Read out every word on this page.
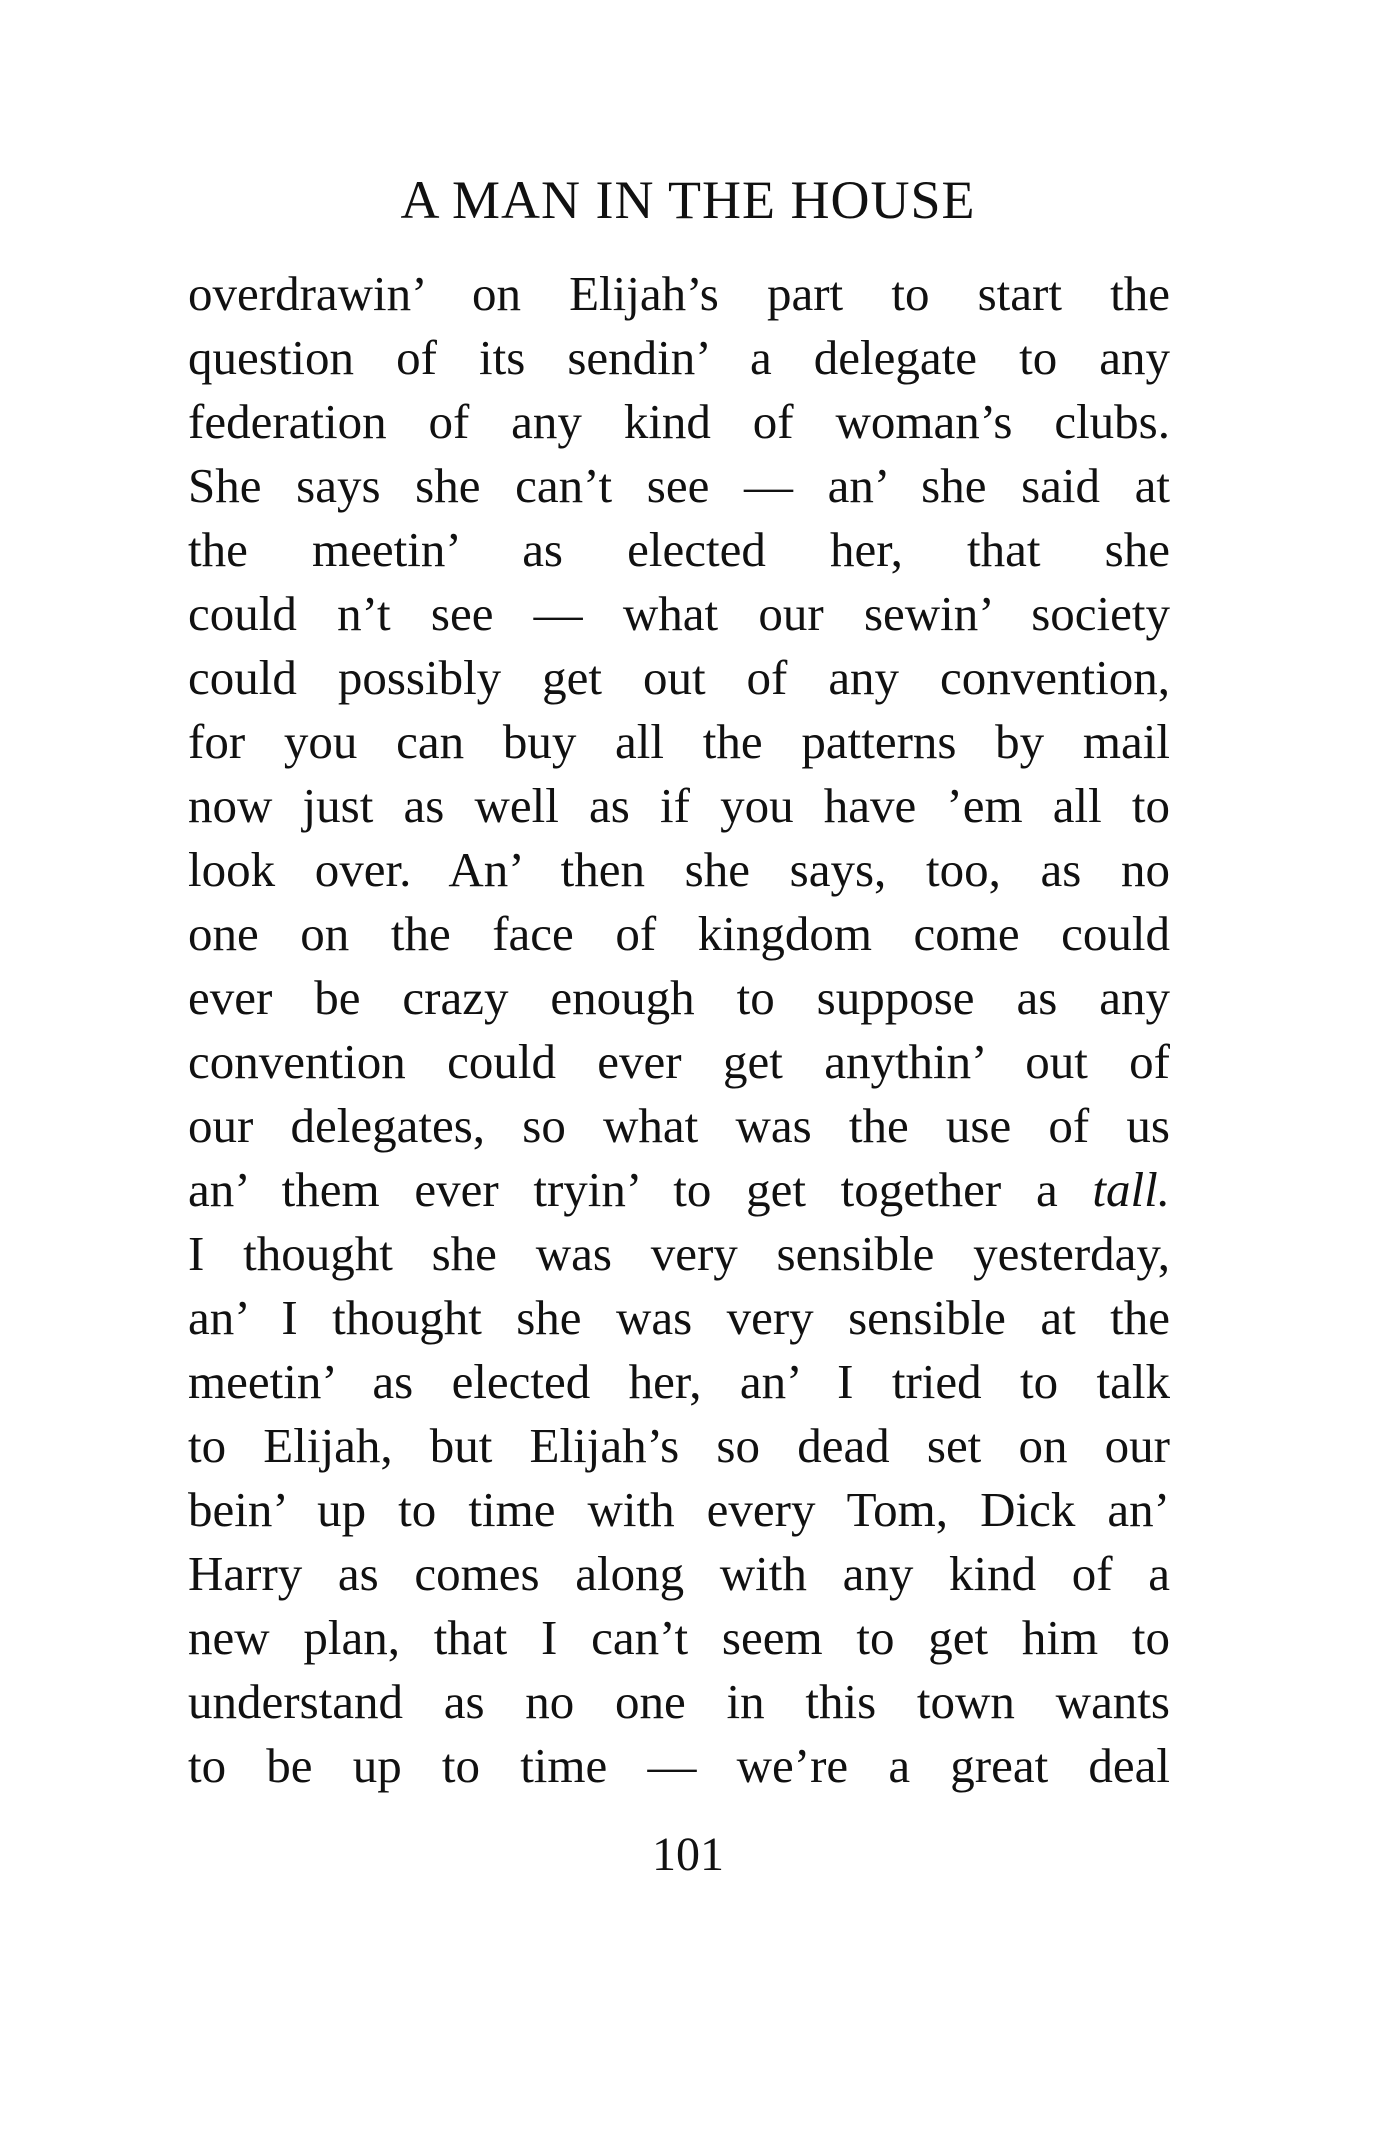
A MAN IN THE HOUSE
overdrawin’ on Elijah’s part to start the
question of its sendin’ a delegate to any
federation of any kind of woman’s clubs.
She says she can’t see — an’ she said at
the meetin’ as elected her, that she
could n’t see — what our sewin’ society
could possibly get out of any convention,
for you can buy all the patterns by mail
now just as well as if you have ’em all to
look over. An’ then she says, too, as no
one on the face of kingdom come could
ever be crazy enough to suppose as any
convention could ever get anythin’ out of
our delegates, so what was the use of us
an’ them ever tryin’ to get together a tall.
I thought she was very sensible yesterday,
an’ I thought she was very sensible at the
meetin’ as elected her, an’ I tried to talk
to Elijah, but Elijah’s so dead set on our
bein’ up to time with every Tom, Dick an’
Harry as comes along with any kind of a
new plan, that I can’t seem to get him to
understand as no one in this town wants
to be up to time — we’re a great deal
101
